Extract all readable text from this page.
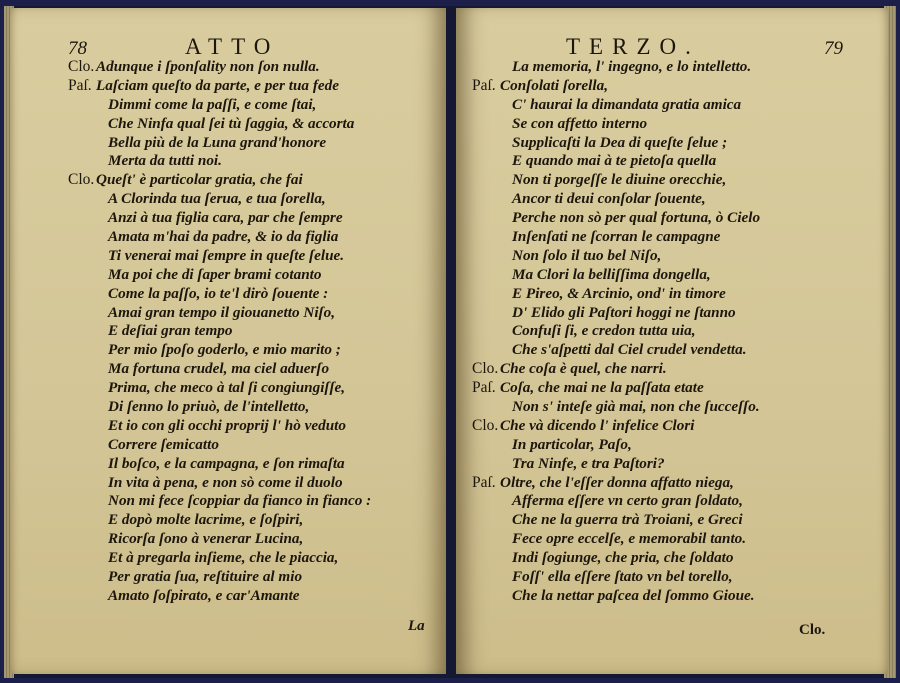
78	ATTO
Clo. Adunque i ſponſality non ſon nulla.
Paſ. Laſciam queſto da parte, e per tua fede
Dimmi come la paſſi, e come ſtai,
Che Ninfa qual ſei tù ſaggia, & accorta
Bella più de la Luna grand'honore
Merta da tutti noi.
Clo. Queſt' è particolar gratia, che fai
A Clorinda tua ſerua, e tua ſorella,
Anzi à tua figlia cara, par che ſempre
Amata m'hai da padre, & io da figlia
Ti venerai mai ſempre in queſte ſelue.
Ma poi che di ſaper brami cotanto
Come la paſſo, io te'l dirò ſouente :
Amai gran tempo il giouanetto Niſo,
E deſiai gran tempo
Per mio ſpoſo goderlo, e mio marito ;
Ma fortuna crudel, ma ciel aduerſo
Prima, che meco à tal ſi congiungiſſe,
Di ſenno lo priuò, de l'intelletto,
Et io con gli occhi proprij l' hò veduto
Correre ſemicatto
Il boſco, e la campagna, e ſon rimaſta
In vita à pena, e non sò come il duolo
Non mi fece ſcoppiar da fianco in fianco :
E dopò molte lacrime, e ſoſpiri,
Ricorſa ſono à venerar Lucina,
Et à pregarla inſieme, che le piaccia,
Per gratia ſua, reſtituire al mio
Amato ſoſpirato, e car'Amante
La
TERZO.	79
La memoria, l' ingegno, e lo intelletto.
Paſ. Conſolati ſorella,
C' haurai la dimandata gratia amica
Se con affetto interno
Supplicaſti la Dea di queſte ſelue ;
E quando mai à te pietoſa quella
Non ti porgeſſe le diuine orecchie,
Ancor ti deui conſolar ſouente,
Perche non sò per qual fortuna, ò Cielo
Inſenſati ne ſcorran le campagne
Non ſolo il tuo bel Niſo,
Ma Clori la belliſſima dongella,
E Pireo, & Arcinio, ond' in timore
D' Elido gli Paſtori hoggi ne ſtanno
Confuſi ſi, e credon tutta uia,
Che s'aſpetti dal Ciel crudel vendetta.
Clo. Che coſa è quel, che narri.
Paſ. Coſa, che mai ne la paſſata etate
Non s' inteſe già mai, non che ſucceſſo.
Clo. Che và dicendo l' infelice Clori
In particolar, Paſo,
Tra Ninfe, e tra Paſtori?
Paſ. Oltre, che l'eſſer donna affatto niega,
Afferma eſſere vn certo gran ſoldato,
Che ne la guerra trà Troiani, e Greci
Fece opre eccelſe, e memorabil tanto.
Indi ſogiunge, che pria, che ſoldato
Foſſ' ella eſſere ſtato vn bel torello,
Che la nettar paſcea del ſommo Gioue.
Clo.
